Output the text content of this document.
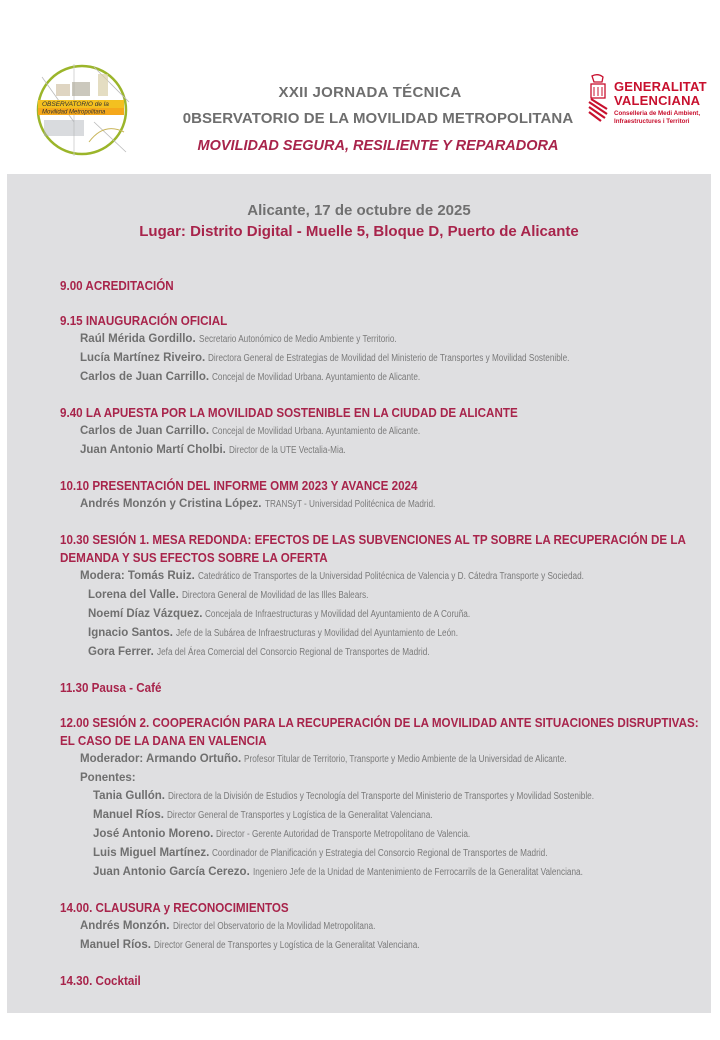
OBSERVATORIO de la
Movilidad Metropolitana
XXII JORNADA TÉCNICA
0BSERVATORIO DE LA MOVILIDAD METROPOLITANA
MOVILIDAD SEGURA, RESILIENTE Y REPARADORA
GENERALITAT
VALENCIANA
Conselleria de Medi Ambient,
Infraestructures i Territori
Alicante, 17 de octubre de 2025
Lugar: Distrito Digital - Muelle 5, Bloque D, Puerto de Alicante
9.00 ACREDITACIÓN
9.15 INAUGURACIÓN OFICIAL
Raúl Mérida Gordillo. Secretario Autonómico de Medio Ambiente y Territorio.
Lucía Martínez Riveiro. Directora General de Estrategias de Movilidad del Ministerio de Transportes y Movilidad Sostenible.
Carlos de Juan Carrillo. Concejal de Movilidad Urbana. Ayuntamiento de Alicante.
9.40 LA APUESTA POR LA MOVILIDAD SOSTENIBLE EN LA CIUDAD DE ALICANTE
Carlos de Juan Carrillo. Concejal de Movilidad Urbana. Ayuntamiento de Alicante.
Juan Antonio Martí Cholbi. Director de la UTE Vectalia-Mia.
10.10 PRESENTACIÓN DEL INFORME OMM 2023 Y AVANCE 2024
Andrés Monzón y Cristina López. TRANSyT - Universidad Politécnica de Madrid.
10.30 SESIÓN 1. MESA REDONDA: EFECTOS DE LAS SUBVENCIONES AL TP SOBRE LA RECUPERACIÓN DE LA DEMANDA Y SUS EFECTOS SOBRE LA OFERTA
Modera: Tomás Ruiz. Catedrático de Transportes de la Universidad Politécnica de Valencia y D. Cátedra Transporte y Sociedad.
Lorena del Valle. Directora General de Movilidad de las Illes Balears.
Noemí Díaz Vázquez. Concejala de Infraestructuras y Movilidad del Ayuntamiento de A Coruña.
Ignacio Santos. Jefe de la Subárea de Infraestructuras y Movilidad del Ayuntamiento de León.
Gora Ferrer. Jefa del Área Comercial del Consorcio Regional de Transportes de Madrid.
11.30 Pausa - Café
12.00 SESIÓN 2. COOPERACIÓN PARA LA RECUPERACIÓN DE LA MOVILIDAD ANTE SITUACIONES DISRUPTIVAS: EL CASO DE LA DANA EN VALENCIA
Moderador: Armando Ortuño. Profesor Titular de Territorio, Transporte y Medio Ambiente de la Universidad de Alicante.
Ponentes:
Tania Gullón. Directora de la División de Estudios y Tecnología del Transporte del Ministerio de Transportes y Movilidad Sostenible.
Manuel Ríos. Director General de Transportes y Logística de la Generalitat Valenciana.
José Antonio Moreno. Director - Gerente Autoridad de Transporte Metropolitano de Valencia.
Luis Miguel Martínez. Coordinador de Planificación y Estrategia del Consorcio Regional de Transportes de Madrid.
Juan Antonio García Cerezo. Ingeniero Jefe de la Unidad de Mantenimiento de Ferrocarrils de la Generalitat Valenciana.
14.00. CLAUSURA y RECONOCIMIENTOS
Andrés Monzón. Director del Observatorio de la Movilidad Metropolitana.
Manuel Ríos. Director General de Transportes y Logística de la Generalitat Valenciana.
14.30. Cocktail
